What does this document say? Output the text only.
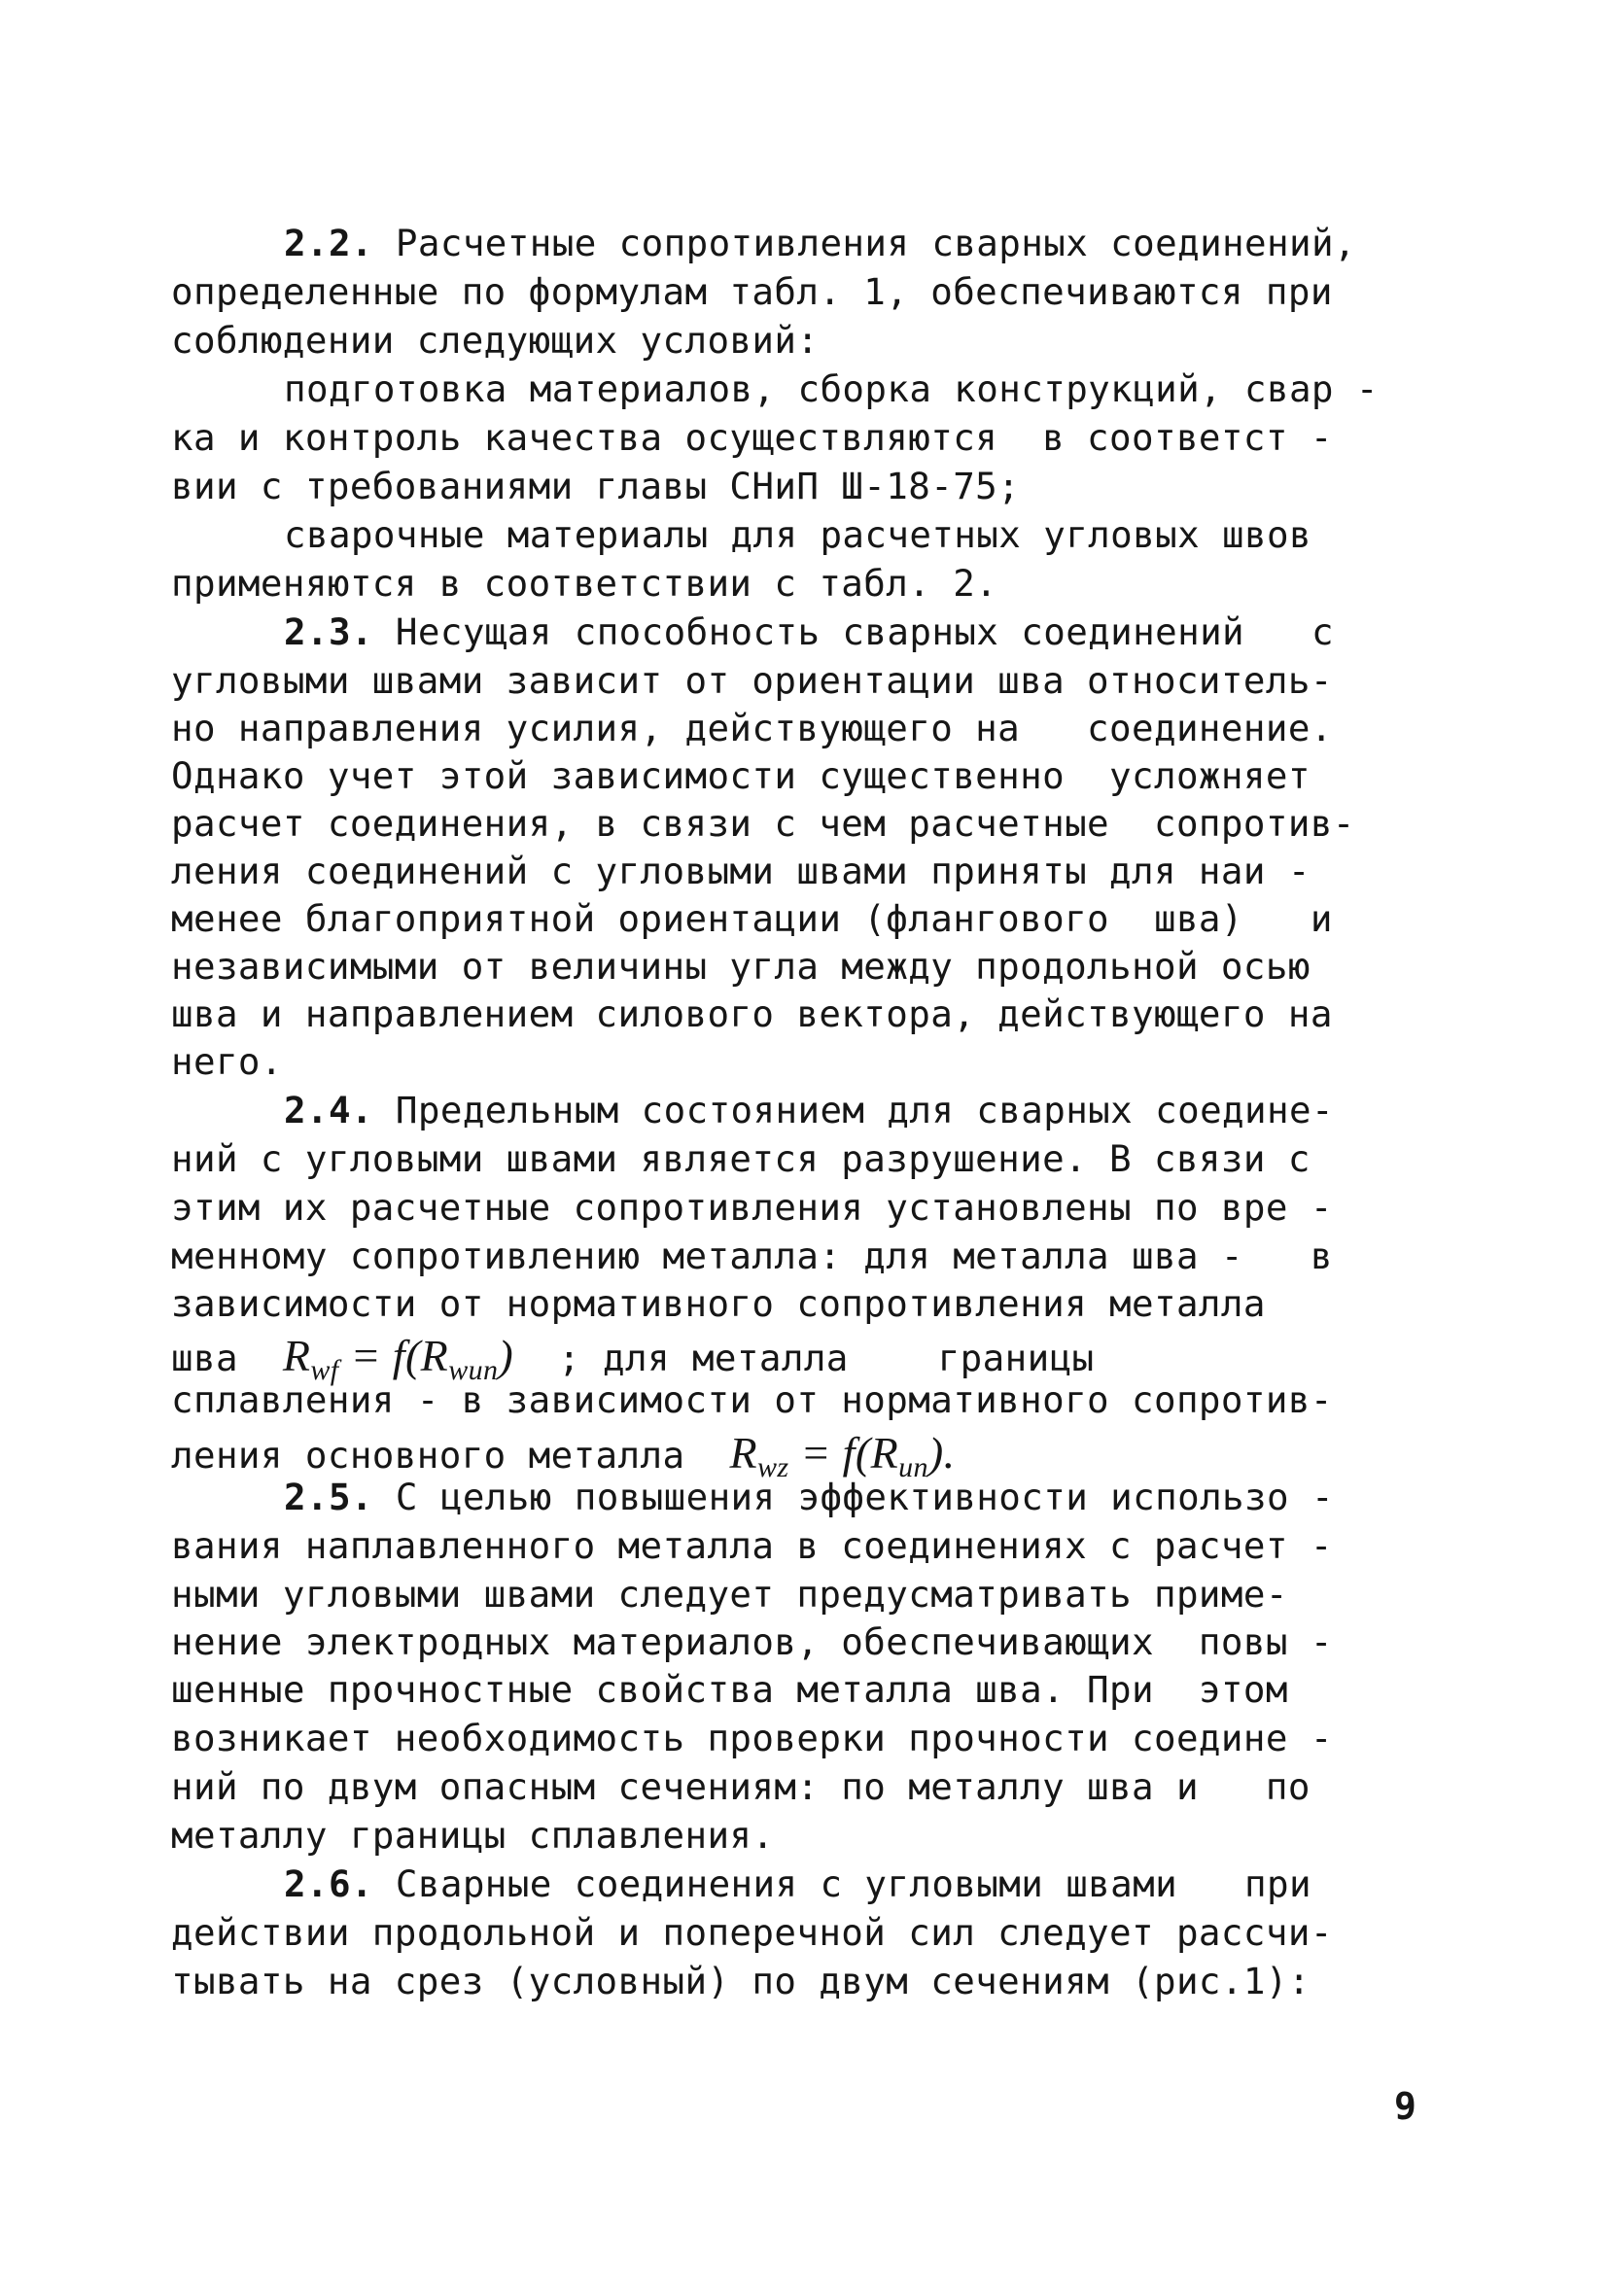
2.2. Расчетные сопротивления сварных соединений,
определенные по формулам табл. 1, обеспечиваются при
соблюдении следующих условий:
подготовка материалов, сборка конструкций, свар -
ка и контроль качества осуществляются  в соответст -
вии с требованиями главы СНиП Ш-18-75;
сварочные материалы для расчетных угловых швов
применяются в соответствии с табл. 2.
2.3. Несущая способность сварных соединений   с
угловыми швами зависит от ориентации шва относитель-
но направления усилия, действующего на   соединение.
Однако учет этой зависимости существенно  усложняет
расчет соединения, в связи с чем расчетные  сопротив-
ления соединений с угловыми швами приняты для наи -
менее благоприятной ориентации (флангового  шва)   и
независимыми от величины угла между продольной осью
шва и направлением силового вектора, действующего на
него.
2.4. Предельным состоянием для сварных соедине-
ний с угловыми швами является разрушение. В связи с
этим их расчетные сопротивления установлены по вре -
менному сопротивлению металла: для металла шва -   в
зависимости от нормативного сопротивления металла
шва  $R_{wf} = f(R_{wun})$  ; для металла    границы
сплавления - в зависимости от нормативного сопротив-
ления основного металла  $R_{wz} = f(R_{un})$.
2.5. С целью повышения эффективности использо -
вания наплавленного металла в соединениях с расчет -
ными угловыми швами следует предусматривать приме-
нение электродных материалов, обеспечивающих  повы -
шенные прочностные свойства металла шва. При  этом
возникает необходимость проверки прочности соедине -
ний по двум опасным сечениям: по металлу шва и   по
металлу границы сплавления.
2.6. Сварные соединения с угловыми швами   при
действии продольной и поперечной сил следует рассчи-
тывать на срез (условный) по двум сечениям (рис.1):
9
